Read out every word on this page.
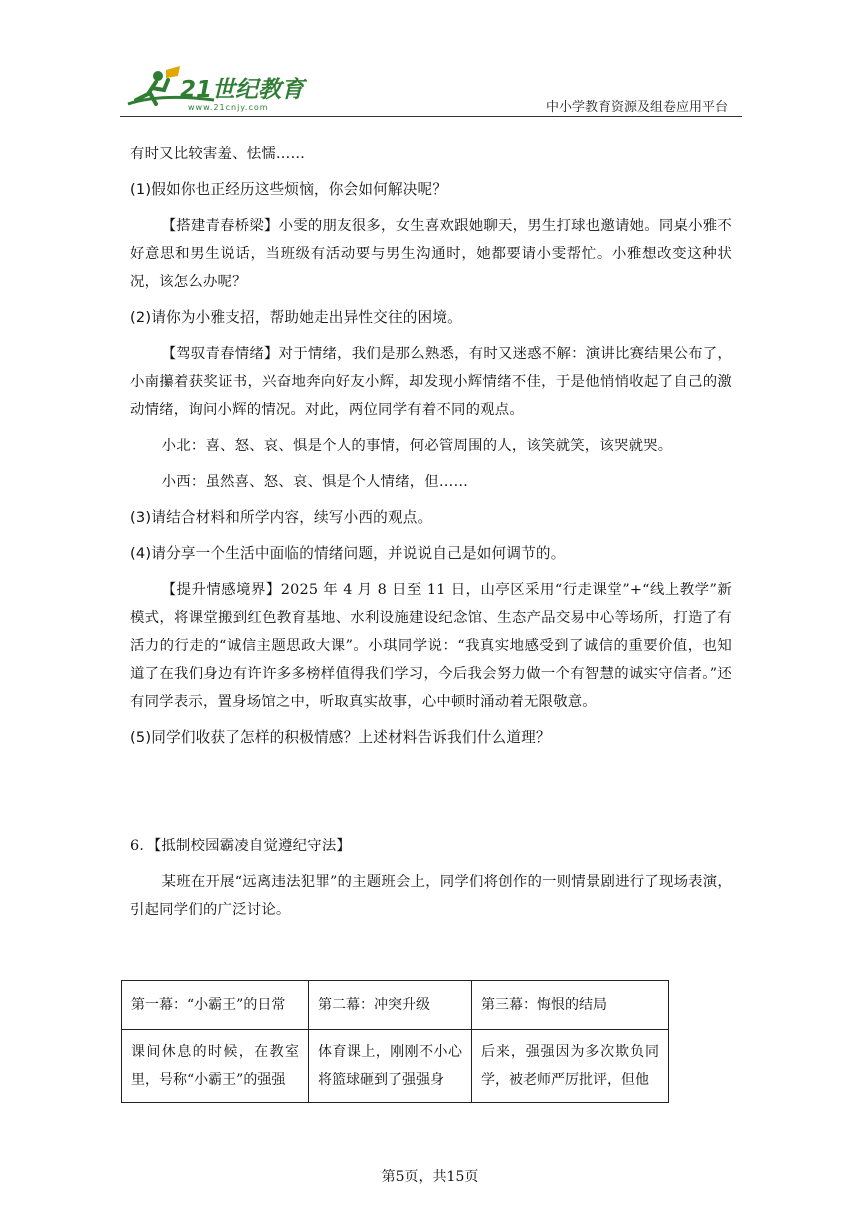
21世纪教育
www.21cnjy.com	中小学教育资源及组卷应用平台

有时又比较害羞、怯懦……

(1)假如你也正经历这些烦恼，你会如何解决呢？

【搭建青春桥梁】小雯的朋友很多，女生喜欢跟她聊天，男生打球也邀请她。同桌小雅不好意思和男生说话，当班级有活动要与男生沟通时，她都要请小雯帮忙。小雅想改变这种状况，该怎么办呢？

(2)请你为小雅支招，帮助她走出异性交往的困境。

【驾驭青春情绪】对于情绪，我们是那么熟悉，有时又迷惑不解：演讲比赛结果公布了，小南攥着获奖证书，兴奋地奔向好友小辉，却发现小辉情绪不佳，于是他悄悄收起了自己的激动情绪，询问小辉的情况。对此，两位同学有着不同的观点。

小北：喜、怒、哀、惧是个人的事情，何必管周围的人，该笑就笑，该哭就哭。

小西：虽然喜、怒、哀、惧是个人情绪，但……

(3)请结合材料和所学内容，续写小西的观点。

(4)请分享一个生活中面临的情绪问题，并说说自己是如何调节的。

【提升情感境界】2025 年 4 月 8 日至 11 日，山亭区采用“行走课堂”+“线上教学”新模式，将课堂搬到红色教育基地、水利设施建设纪念馆、生态产品交易中心等场所，打造了有活力的行走的“诚信主题思政大课”。小琪同学说：“我真实地感受到了诚信的重要价值，也知道了在我们身边有许许多多榜样值得我们学习，今后我会努力做一个有智慧的诚实守信者。”还有同学表示，置身场馆之中，听取真实故事，心中顿时涌动着无限敬意。

(5)同学们收获了怎样的积极情感？上述材料告诉我们什么道理？

6．【抵制校园霸凌自觉遵纪守法】

某班在开展“远离违法犯罪”的主题班会上，同学们将创作的一则情景剧进行了现场表演，引起同学们的广泛讨论。

第一幕：“小霸王”的日常	第二幕：冲突升级	第三幕：悔恨的结局

课间休息的时候，在教室里，号称“小霸王”的强强	体育课上，刚刚不小心将篮球砸到了强强身	后来，强强因为多次欺负同学，被老师严厉批评，但他
第5页，共15页
